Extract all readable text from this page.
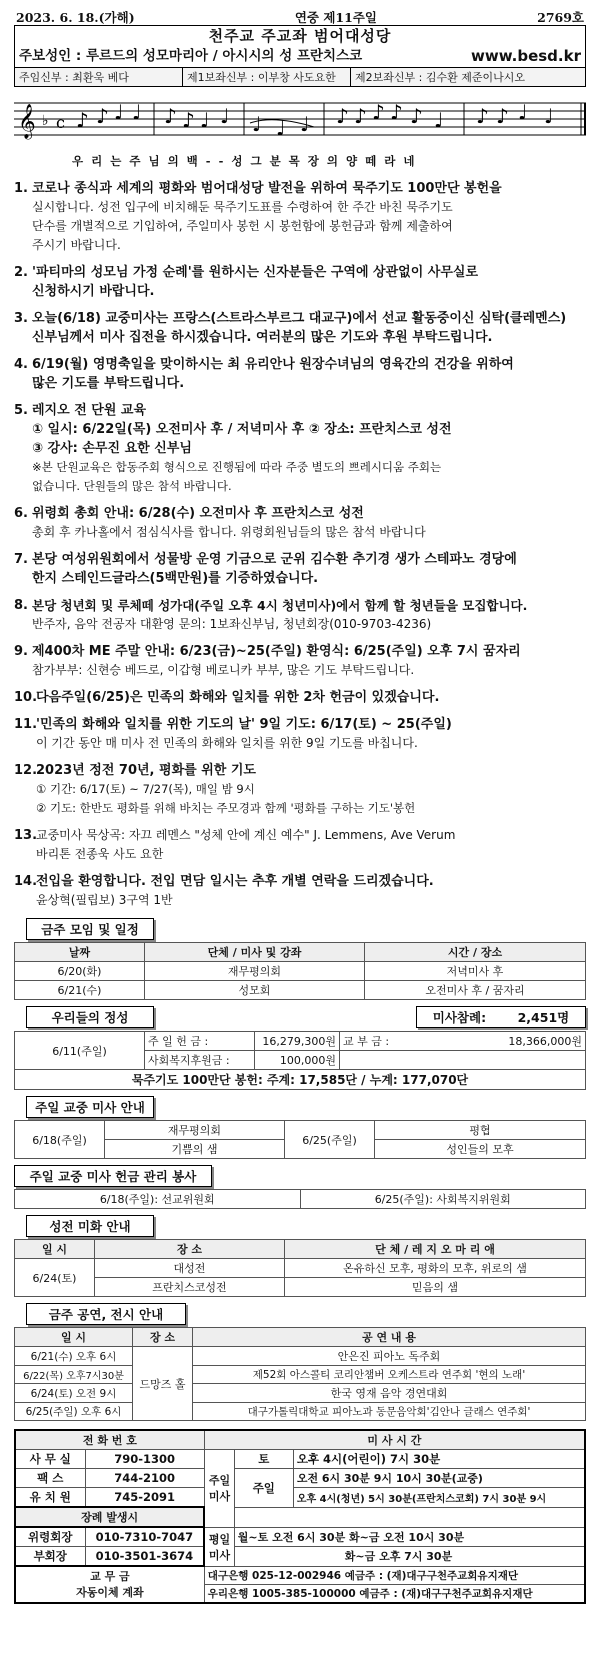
2023. 6. 18.(가해)	연중 제11주일	2769호
천주교 주교좌 범어대성당
주보성인 : 루르드의 성모마리아 / 아시시의 성 프란치스코	www.besd.kr
주임신부 : 최환욱 베다	제1보좌신부 : 이부창 사도요한	제2보좌신부 : 김수환 제준이나시오
𝄞 ♭ c ♪ ♪ ♩ ♩ ♪ ♪ ♩ ♩ ♩ ♩ ♩ ♪ ♪ ♪ ♪ ♪ ♩ ♪ ♪ ♩ ♩
우 리 는 주 님 의 백 - - 성 그 분 목 장 의 양 떼 라 네
1. 코로나 종식과 세계의 평화와 범어대성당 발전을 위하여 묵주기도 100만단 봉헌을
실시합니다. 성전 입구에 비치해둔 묵주기도표를 수령하여 한 주간 바친 묵주기도
단수를 개별적으로 기입하여, 주일미사 봉헌 시 봉헌함에 봉헌금과 함께 제출하여
주시기 바랍니다.
2. '파티마의 성모님 가정 순례'를 원하시는 신자분들은 구역에 상관없이 사무실로
신청하시기 바랍니다.
3. 오늘(6/18) 교중미사는 프랑스(스트라스부르그 대교구)에서 선교 활동중이신 심탁(클레멘스)
신부님께서 미사 집전을 하시겠습니다. 여러분의 많은 기도와 후원 부탁드립니다.
4. 6/19(월) 영명축일을 맞이하시는 최 유리안나 원장수녀님의 영육간의 건강을 위하여
많은 기도를 부탁드립니다.
5. 레지오 전 단원 교육
① 일시: 6/22일(목) 오전미사 후 / 저녁미사 후 ② 장소: 프란치스코 성전
③ 강사: 손무진 요한 신부님
※본 단원교육은 합동주회 형식으로 진행됨에 따라 주중 별도의 쁘레시디움 주회는
없습니다. 단원들의 많은 참석 바랍니다.
6. 위령회 총회 안내: 6/28(수) 오전미사 후 프란치스코 성전
총회 후 카나홀에서 점심식사를 합니다. 위령회원님들의 많은 참석 바랍니다
7. 본당 여성위원회에서 성물방 운영 기금으로 군위 김수환 추기경 생가 스테파노 경당에
한지 스테인드글라스(5백만원)를 기증하였습니다.
8. 본당 청년회 및 루체떼 성가대(주일 오후 4시 청년미사)에서 함께 할 청년들을 모집합니다.
반주자, 음악 전공자 대환영 문의: 1보좌신부님, 청년회장(010-9703-4236)
9. 제400차 ME 주말 안내: 6/23(금)~25(주일) 환영식: 6/25(주일) 오후 7시 꿈자리
참가부부: 신현승 베드로, 이갑형 베로니카 부부, 많은 기도 부탁드립니다.
10.
다음주일(6/25)은 민족의 화해와 일치를 위한 2차 헌금이 있겠습니다.
11.
'민족의 화해와 일치를 위한 기도의 날' 9일 기도: 6/17(토) ~ 25(주일)
이 기간 동안 매 미사 전 민족의 화해와 일치를 위한 9일 기도를 바칩니다.
12.
2023년 정전 70년, 평화를 위한 기도
① 기간: 6/17(토) ~ 7/27(목), 매일 밤 9시
② 기도: 한반도 평화를 위해 바치는 주모경과 함께 '평화를 구하는 기도'봉헌
13.
교중미사 묵상곡: 자끄 레멘스 "성체 안에 계신 예수" J. Lemmens, Ave Verum
바리톤 전종욱 사도 요한
14.
전입을 환영합니다. 전입 면담 일시는 추후 개별 연락을 드리겠습니다.
윤상혁(필립보) 3구역 1반
금주 모임 및 일정
날짜	단체 / 미사 및 강좌	시간 / 장소
6/20(화)	재무평의회	저녁미사 후
6/21(수)	성모회	오전미사 후 / 꿈자리
우리들의 정성	미사참례:	2,451명
6/11(주일)	주 일 헌 금 :	16,279,300원	교 부 금 :	18,366,000원
	사회복지후원금 :	100,000원		
묵주기도 100만단 봉헌: 주계: 17,585단 / 누계: 177,070단				
주일 교중 미사 안내
6/18(주일)	재무평의회	6/25(주일)	평협
	기쁨의 샘		성인들의 모후
주일 교중 미사 헌금 관리 봉사
6/18(주일): 선교위원회	6/25(주일): 사회복지위원회
성전 미화 안내
일 시	장 소	단 체 / 레 지 오 마 리 애
6/24(토)	대성전	온유하신 모후, 평화의 모후, 위로의 샘
	프란치스코성전	믿음의 샘
금주 공연, 전시 안내
일 시	장 소	공 연 내 용
6/21(수) 오후 6시	드망즈 홀	안은진 피아노 독주회
6/22(목) 오후7시30분		제52회 아스콜티 코리안챔버 오케스트라 연주회 '현의 노래'
6/24(토) 오전 9시		한국 영재 음악 경연대회
6/25(주일) 오후 6시		대구가톨릭대학교 피아노과 동문음악회'김안나 글래스 연주회'
전 화 번 호		미 사 시 간		
사 무 실	790-1300	주일
미사	토	오후 4시(어린이) 7시 30분
팩 스	744-2100		주일	오전 6시 30분 9시 10시 30분(교중)
유 치 원	745-2091			오후 4시(청년) 5시 30분(프란치스코회) 7시 30분 9시
장례 발생시				
위령회장	010-7310-7047	평일
미사	월~토 오전 6시 30분 화~금 오전 10시 30분	
부회장	010-3501-3674		화~금 오후 7시 30분	
교 무 금
자동이체 계좌		대구은행 025-12-002946 예금주 : (재)대구구천주교회유지재단		
		우리은행 1005-385-100000 예금주 : (재)대구구천주교회유지재단		
